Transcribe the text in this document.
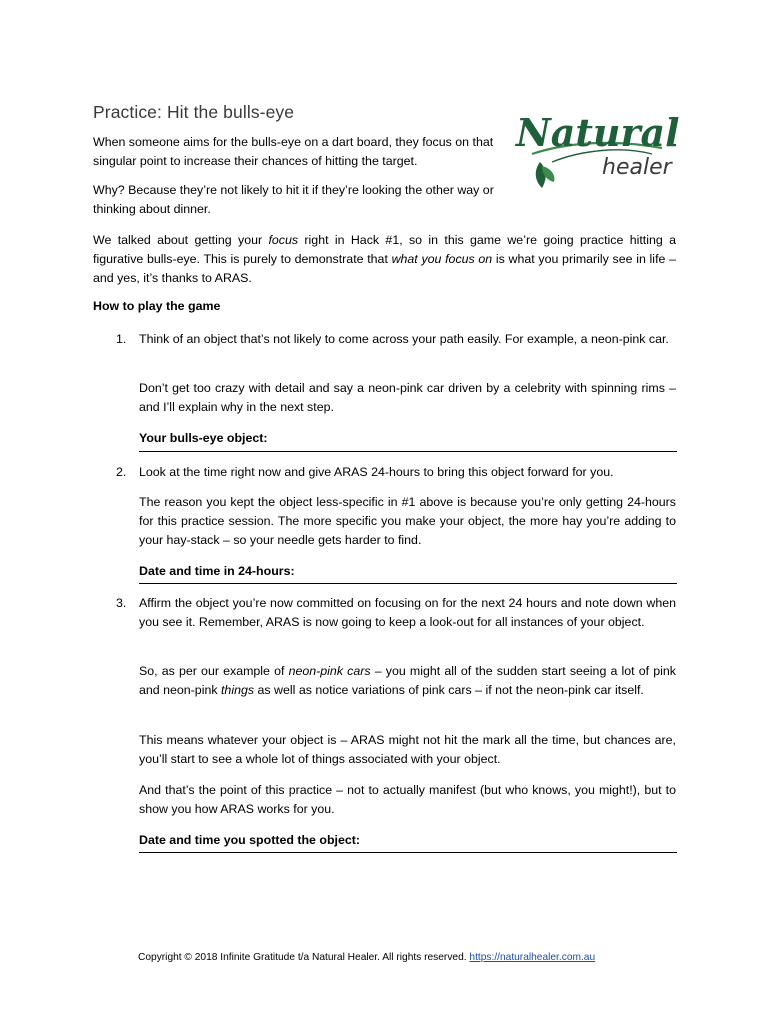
Practice: Hit the bulls-eye	Natural
healer

When someone aims for the bulls-eye on a dart board, they focus on that singular point to increase their chances of hitting the target.

Why? Because they’re not likely to hit it if they’re looking the other way or thinking about dinner.

We talked about getting your focus right in Hack #1, so in this game we’re going practice hitting a figurative bulls-eye. This is purely to demonstrate that what you focus on is what you primarily see in life – and yes, it’s thanks to ARAS.

How to play the game
1. Think of an object that’s not likely to come across your path easily. For example, a neon-pink car.

Don’t get too crazy with detail and say a neon-pink car driven by a celebrity with spinning rims – and I’ll explain why in the next step.

Your bulls-eye object:
2. Look at the time right now and give ARAS 24-hours to bring this object forward for you.

The reason you kept the object less-specific in #1 above is because you’re only getting 24-hours for this practice session. The more specific you make your object, the more hay you’re adding to your hay-stack – so your needle gets harder to find.

Date and time in 24-hours:
3. Affirm the object you’re now committed on focusing on for the next 24 hours and note down when you see it. Remember, ARAS is now going to keep a look-out for all instances of your object.

So, as per our example of neon-pink cars – you might all of the sudden start seeing a lot of pink and neon-pink things as well as notice variations of pink cars – if not the neon-pink car itself.

This means whatever your object is – ARAS might not hit the mark all the time, but chances are, you’ll start to see a whole lot of things associated with your object.

And that’s the point of this practice – not to actually manifest (but who knows, you might!), but to show you how ARAS works for you.

Date and time you spotted the object:
Copyright © 2018 Infinite Gratitude t/a Natural Healer. All rights reserved. https://naturalhealer.com.au
